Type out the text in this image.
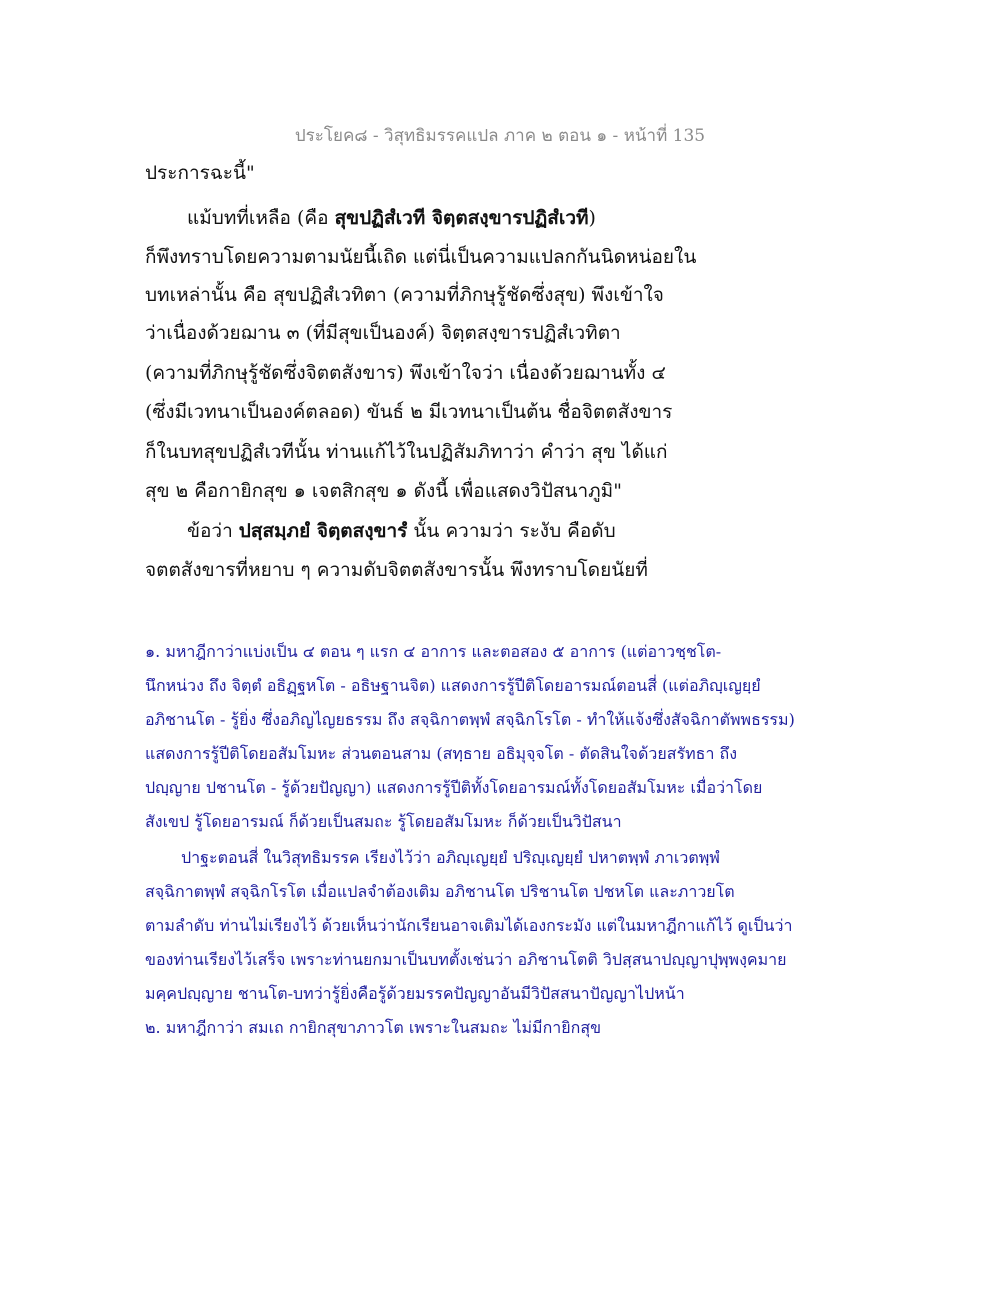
ประโยค๘ - วิสุทธิมรรคแปล ภาค ๒ ตอน ๑ - หน้าที่ 135
ประการฉะนี้"
แม้บทที่เหลือ (คือ สุขปฏิสํเวที จิตฺตสงฺขารปฏิสํเวที)
ก็พึงทราบโดยความตามนัยนี้เถิด แต่นี่เป็นความแปลกกันนิดหน่อยใน
บทเหล่านั้น คือ สุขปฏิสํเวทิตา (ความที่ภิกษุรู้ชัดซึ่งสุข) พึงเข้าใจ
ว่าเนื่องด้วยฌาน ๓ (ที่มีสุขเป็นองค์) จิตฺตสงฺขารปฏิสํเวทิตา
(ความที่ภิกษุรู้ชัดซึ่งจิตตสังขาร) พึงเข้าใจว่า เนื่องด้วยฌานทั้ง ๔
(ซึ่งมีเวทนาเป็นองค์ตลอด) ขันธ์ ๒ มีเวทนาเป็นต้น ชื่อจิตตสังขาร
ก็ในบทสุขปฏิสํเวทีนั้น ท่านแก้ไว้ในปฏิสัมภิทาว่า คำว่า สุข ได้แก่
สุข ๒ คือกายิกสุข ๑ เจตสิกสุข ๑ ดังนี้ เพื่อแสดงวิปัสนาภูมิ"
ข้อว่า ปสฺสมฺภยํ จิตฺตสงฺขารํ นั้น ความว่า ระงับ คือดับ
จตตสังขารที่หยาบ ๆ ความดับจิตตสังขารนั้น พึงทราบโดยนัยที่
๑. มหาฎีกาว่าแบ่งเป็น ๔ ตอน ๆ แรก ๔ อาการ และตอสอง ๕ อาการ (แต่อาวชฺชโต-
นึกหน่วง ถึง จิตฺตํ อธิฏฺฐหโต - อธิษฐานจิต) แสดงการรู้ปีติโดยอารมณ์ตอนสี่ (แต่อภิญฺเญยฺยํ
อภิชานโต - รู้ยิ่ง ซึ่งอภิญไญยธรรม ถึง สจฺฉิกาตพฺพํ สจฺฉิกโรโต - ทำให้แจ้งซึ่งสัจฉิกาตัพพธรรม)
แสดงการรู้ปีติโดยอสัมโมหะ ส่วนตอนสาม (สทฺธาย อธิมุจฺจโต - ตัดสินใจด้วยสรัทธา ถึง
ปญฺญาย ปชานโต - รู้ด้วยปัญญา) แสดงการรู้ปีติทั้งโดยอารมณ์ทั้งโดยอสัมโมหะ เมื่อว่าโดย
สังเขป รู้โดยอารมณ์ ก็ด้วยเป็นสมถะ รู้โดยอสัมโมหะ ก็ด้วยเป็นวิปัสนา
ปาฐะตอนสี่ ในวิสุทธิมรรค เรียงไว้ว่า อภิญฺเญยฺยํ ปริญฺเญยฺยํ ปหาตพฺพํ ภาเวตพฺพํ
สจฺฉิกาตพฺพํ สจฺฉิกโรโต เมื่อแปลจำต้องเติม อภิชานโต ปริชานโต ปชหโต และภาวยโต
ตามลำดับ ท่านไม่เรียงไว้ ด้วยเห็นว่านักเรียนอาจเติมได้เองกระมัง แต่ในมหาฎีกาแก้ไว้ ดูเป็นว่า
ของท่านเรียงไว้เสร็จ เพราะท่านยกมาเป็นบทตั้งเช่นว่า อภิชานโตติ วิปสฺสนาปญฺญาปุพฺพงฺคมาย
มคฺคปญฺญาย ชานโต-บทว่ารู้ยิ่งคือรู้ด้วยมรรคปัญญาอันมีวิปัสสนาปัญญาไปหน้า
๒. มหาฎีกาว่า สมเถ กายิกสุขาภาวโต เพราะในสมถะ ไม่มีกายิกสุข
